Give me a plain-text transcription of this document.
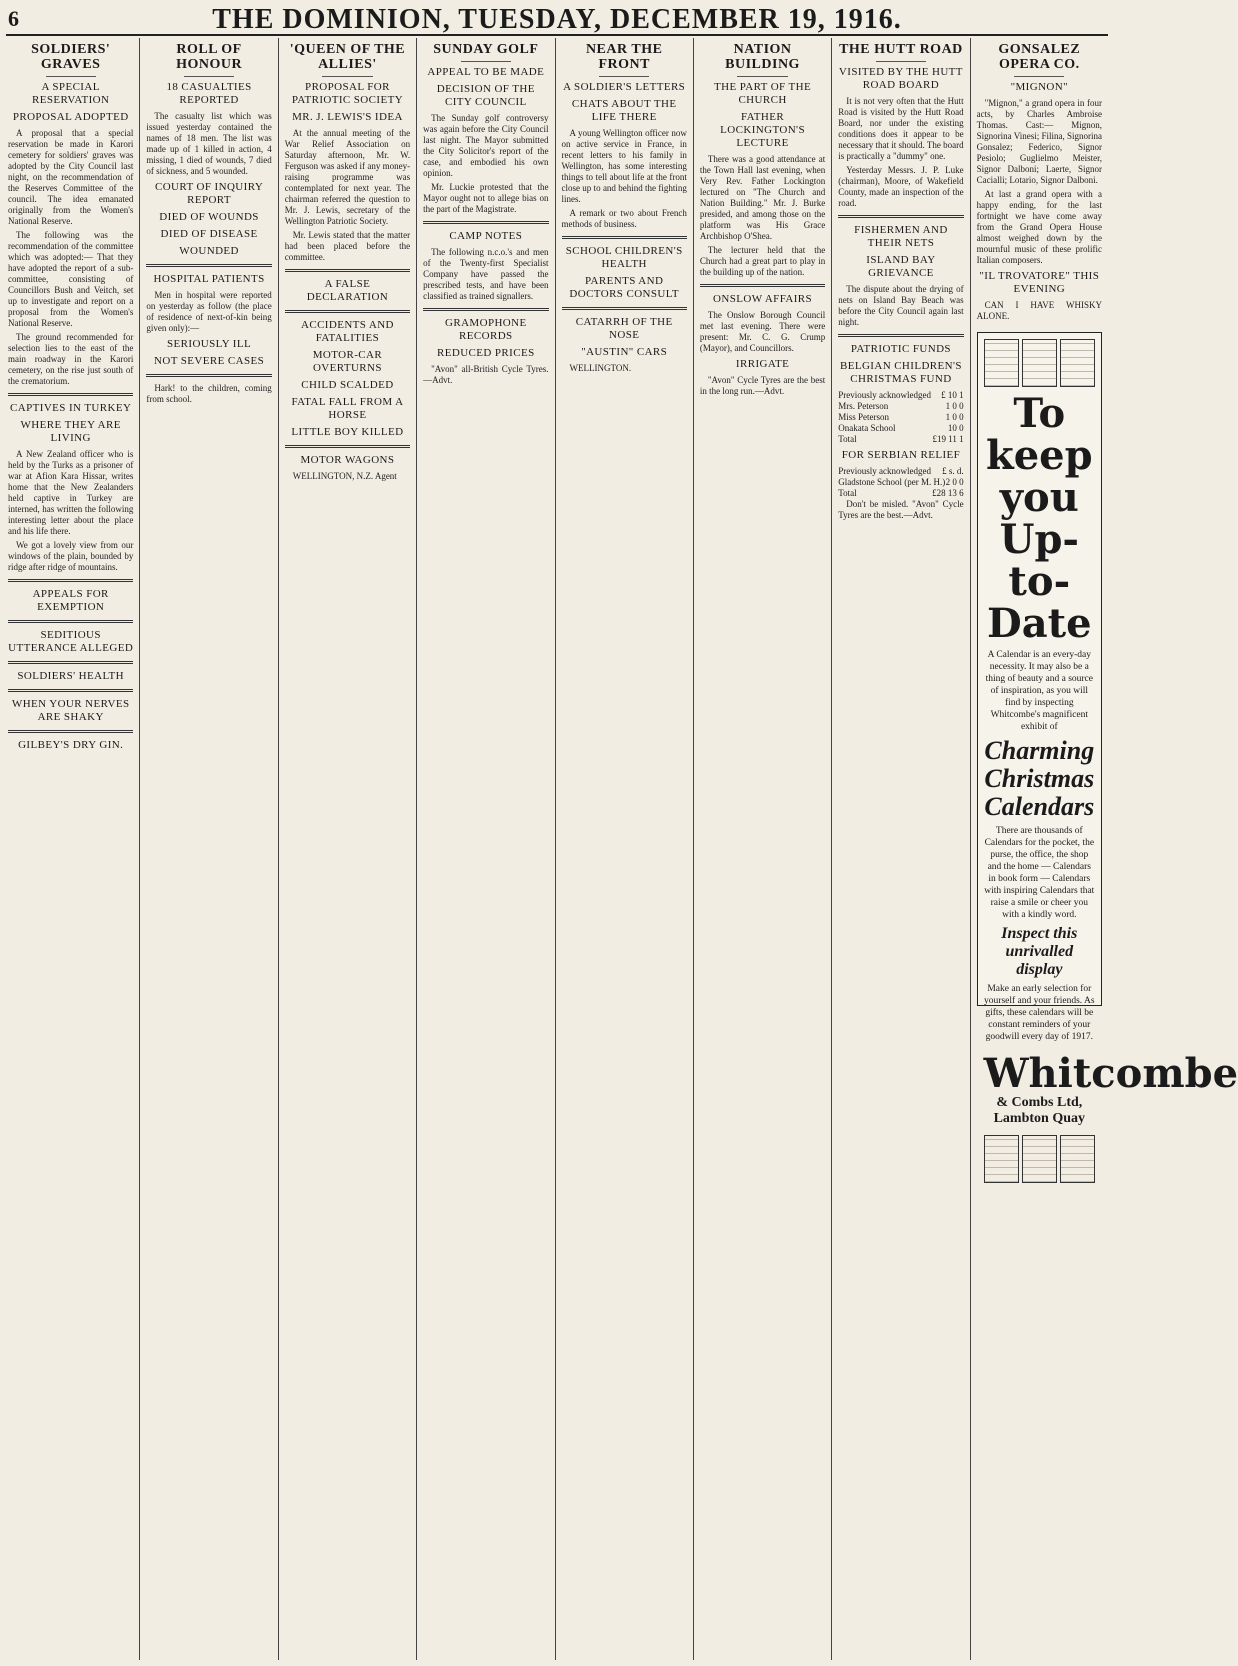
6	THE DOMINION, TUESDAY, DECEMBER 19, 1916.
SOLDIERS' GRAVES
A SPECIAL RESERVATION
PROPOSAL ADOPTED

A proposal that a special reservation be made in Karori cemetery for soldiers' graves was adopted by the City Council last night, on the recommendation of the Reserves Committee of the council. The idea emanated originally from the Women's National Reserve.

The following was the recommendation of the committee which was adopted:— That they have adopted the report of a sub-committee, consisting of Councillors Bush and Veitch, set up to investigate and report on a proposal from the Women's National Reserve.

The ground recommended for selection lies to the east of the main roadway in the Karori cemetery, on the rise just south of the crematorium.

CAPTIVES IN TURKEY
WHERE THEY ARE LIVING

A New Zealand officer who is held by the Turks as a prisoner of war at Afion Kara Hissar, writes home that the New Zealanders held captive in Turkey are interned, has written the following interesting letter about the place and his life there.

We got a lovely view from our windows of the plain, bounded by ridge after ridge of mountains.

APPEALS FOR EXEMPTION
SEDITIOUS UTTERANCE ALLEGED
SOLDIERS' HEALTH
WHEN YOUR NERVES ARE SHAKY
GILBEY'S DRY GIN.
ROLL OF HONOUR
18 CASUALTIES REPORTED

The casualty list which was issued yesterday contained the names of 18 men. The list was made up of 1 killed in action, 4 missing, 1 died of wounds, 7 died of sickness, and 5 wounded.

COURT OF INQUIRY REPORT
DIED OF WOUNDS
DIED OF DISEASE
WOUNDED
HOSPITAL PATIENTS

Men in hospital were reported on yesterday as follow (the place of residence of next-of-kin being given only):—

SERIOUSLY ILL
NOT SEVERE CASES

Hark! to the children, coming from school.

'QUEEN OF THE ALLIES'
PROPOSAL FOR PATRIOTIC SOCIETY
MR. J. LEWIS'S IDEA

At the annual meeting of the War Relief Association on Saturday afternoon, Mr. W. Ferguson was asked if any money-raising programme was contemplated for next year. The chairman referred the question to Mr. J. Lewis, secretary of the Wellington Patriotic Society.

Mr. Lewis stated that the matter had been placed before the committee.

A FALSE DECLARATION
ACCIDENTS AND FATALITIES
MOTOR-CAR OVERTURNS
CHILD SCALDED
FATAL FALL FROM A HORSE
LITTLE BOY KILLED
MOTOR WAGONS

WELLINGTON, N.Z. Agent

SUNDAY GOLF
APPEAL TO BE MADE
DECISION OF THE CITY COUNCIL

The Sunday golf controversy was again before the City Council last night. The Mayor submitted the City Solicitor's report of the case, and embodied his own opinion.

Mr. Luckie protested that the Mayor ought not to allege bias on the part of the Magistrate.

CAMP NOTES

The following n.c.o.'s and men of the Twenty-first Specialist Company have passed the prescribed tests, and have been classified as trained signallers.

GRAMOPHONE RECORDS
REDUCED PRICES

"Avon" all-British Cycle Tyres.—Advt.

NEAR THE FRONT
A SOLDIER'S LETTERS
CHATS ABOUT THE LIFE THERE

A young Wellington officer now on active service in France, in recent letters to his family in Wellington, has some interesting things to tell about life at the front close up to and behind the fighting lines.

A remark or two about French methods of business.

SCHOOL CHILDREN'S HEALTH
PARENTS AND DOCTORS CONSULT
CATARRH OF THE NOSE
"AUSTIN" CARS

WELLINGTON.

NATION BUILDING
THE PART OF THE CHURCH
FATHER LOCKINGTON'S LECTURE

There was a good attendance at the Town Hall last evening, when Very Rev. Father Lockington lectured on "The Church and Nation Building." Mr. J. Burke presided, and among those on the platform was His Grace Archbishop O'Shea.

The lecturer held that the Church had a great part to play in the building up of the nation.

ONSLOW AFFAIRS

The Onslow Borough Council met last evening. There were present: Mr. C. G. Crump (Mayor), and Councillors.

IRRIGATE

"Avon" Cycle Tyres are the best in the long run.—Advt.

THE HUTT ROAD
VISITED BY THE HUTT ROAD BOARD

It is not very often that the Hutt Road is visited by the Hutt Road Board, nor under the existing conditions does it appear to be necessary that it should. The board is practically a "dummy" one.

Yesterday Messrs. J. P. Luke (chairman), Moore, of Wakefield County, made an inspection of the road.

FISHERMEN AND THEIR NETS
ISLAND BAY GRIEVANCE

The dispute about the drying of nets on Island Bay Beach was before the City Council again last night.

PATRIOTIC FUNDS
BELGIAN CHILDREN'S CHRISTMAS FUND
Previously acknowledged	£ 10 1
Mrs. Peterson	1 0 0
Miss Peterson	1 0 0
Onakata School	10 0
Total	£19 11 1
FOR SERBIAN RELIEF
Previously acknowledged	£ s. d.
Gladstone School (per M. H.) 2 0 0
Total	£28 13 6

Don't be misled. "Avon" Cycle Tyres are the best.—Advt.

GONSALEZ OPERA CO.
"MIGNON"

"Mignon," a grand opera in four acts, by Charles Ambroise Thomas. Cast:— Mignon, Signorina Vinesi; Filina, Signorina Gonsalez; Federico, Signor Pesiolo; Guglielmo Meister, Signor Dalboni; Laerte, Signor Cacialli; Lotario, Signor Dalboni.

At last a grand opera with a happy ending, for the last fortnight we have come away from the Grand Opera House almost weighed down by the mournful music of these prolific Italian composers.

"IL TROVATORE" THIS EVENING

CAN I HAVE WHISKY ALONE.

To keep you Up-to-Date
A Calendar is an every-day necessity. It may also be a thing of beauty and a source of inspiration, as you will find by inspecting Whitcombe's magnificent exhibit of
Charming Christmas Calendars
There are thousands of Calendars for the pocket, the purse, the office, the shop and the home — Calendars in book form — Calendars with inspiring Calendars that raise a smile or cheer you with a kindly word.
Inspect this unrivalled display
Make an early selection for yourself and your friends. As gifts, these calendars will be constant reminders of your goodwill every day of 1917.
Whitcombe
& Combs Ltd, Lambton Quay
